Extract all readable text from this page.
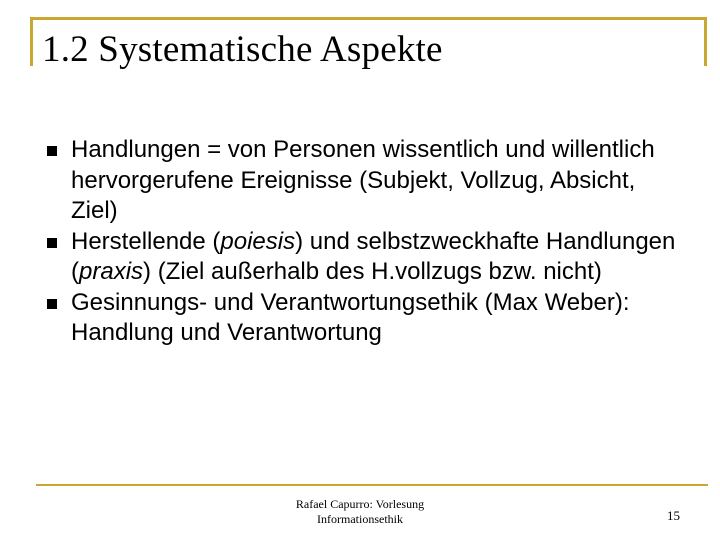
1.2 Systematische Aspekte
Handlungen = von Personen wissentlich und willentlich hervorgerufene Ereignisse (Subjekt, Vollzug, Absicht, Ziel)
Herstellende (poiesis) und selbstzweckhafte Handlungen (praxis) (Ziel außerhalb des H.vollzugs bzw. nicht)
Gesinnungs- und Verantwortungsethik (Max Weber): Handlung und Verantwortung
Rafael Capurro: Vorlesung
Informationsethik	15
